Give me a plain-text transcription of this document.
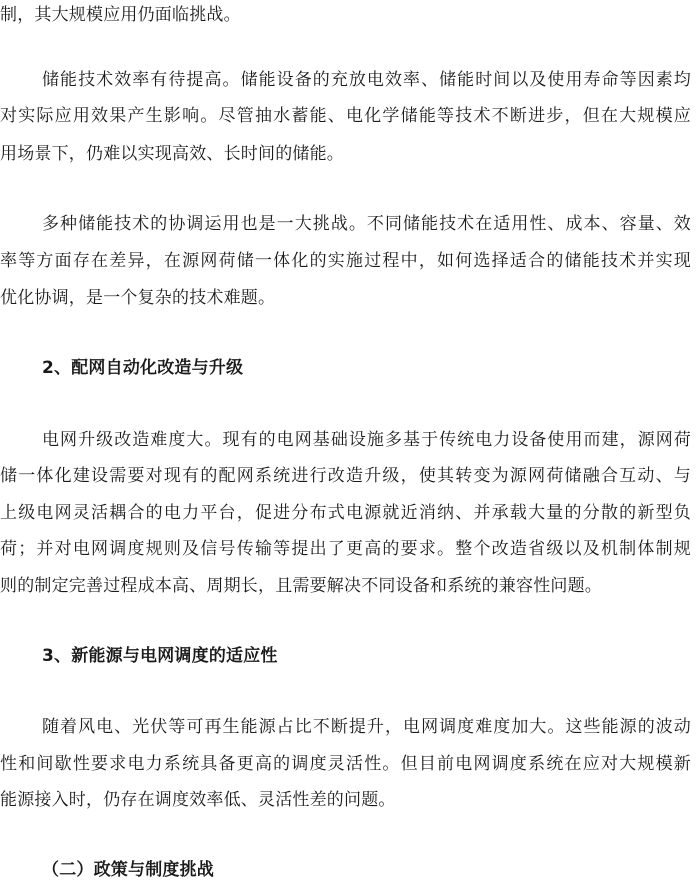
制，其大规模应用仍面临挑战。
储能技术效率有待提高。储能设备的充放电效率、储能时间以及使用寿命等因素均
对实际应用效果产生影响。尽管抽水蓄能、电化学储能等技术不断进步，但在大规模应
用场景下，仍难以实现高效、长时间的储能。
多种储能技术的协调运用也是一大挑战。不同储能技术在适用性、成本、容量、效
率等方面存在差异，在源网荷储一体化的实施过程中，如何选择适合的储能技术并实现
优化协调，是一个复杂的技术难题。
2、配网自动化改造与升级
电网升级改造难度大。现有的电网基础设施多基于传统电力设备使用而建，源网荷
储一体化建设需要对现有的配网系统进行改造升级，使其转变为源网荷储融合互动、与
上级电网灵活耦合的电力平台，促进分布式电源就近消纳、并承载大量的分散的新型负
荷；并对电网调度规则及信号传输等提出了更高的要求。整个改造省级以及机制体制规
则的制定完善过程成本高、周期长，且需要解决不同设备和系统的兼容性问题。
3、新能源与电网调度的适应性
随着风电、光伏等可再生能源占比不断提升，电网调度难度加大。这些能源的波动
性和间歇性要求电力系统具备更高的调度灵活性。但目前电网调度系统在应对大规模新
能源接入时，仍存在调度效率低、灵活性差的问题。
（二）政策与制度挑战
